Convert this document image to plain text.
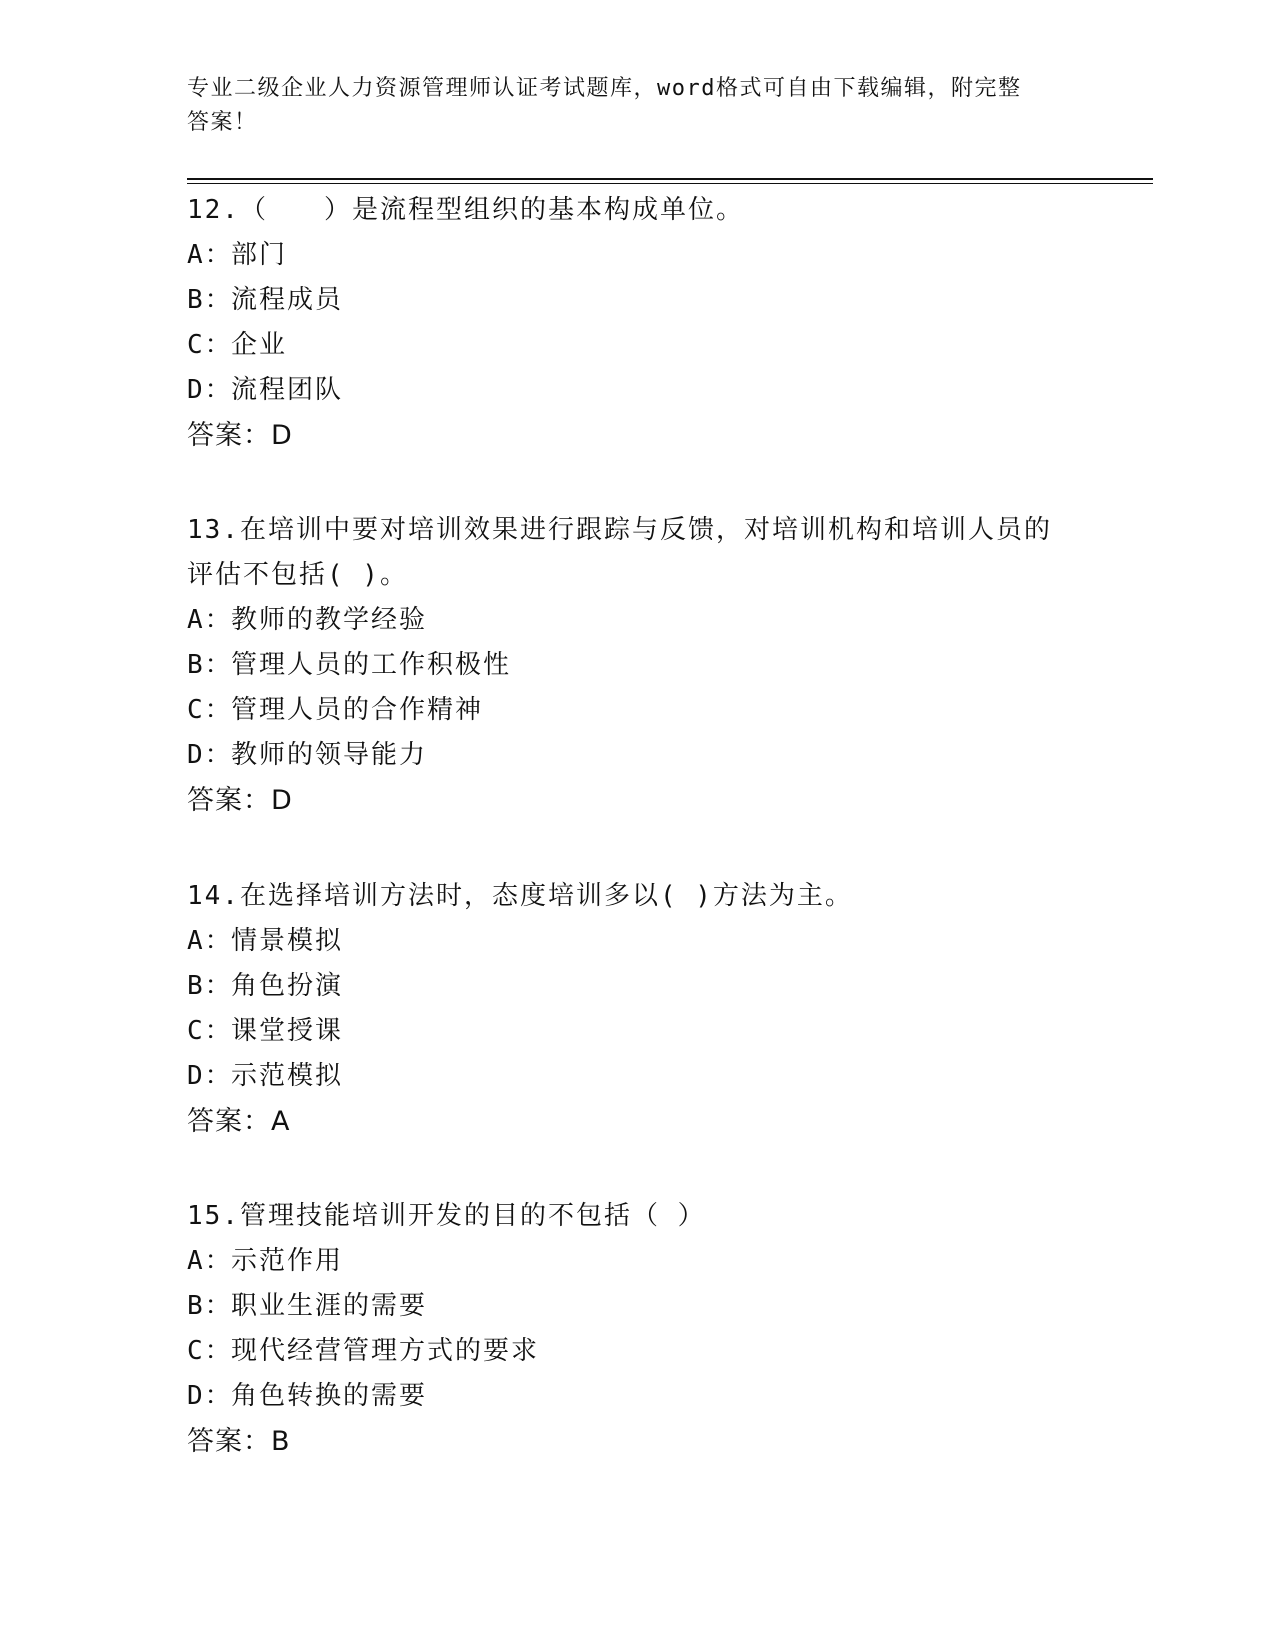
专业二级企业人力资源管理师认证考试题库，word格式可自由下载编辑，附完整
答案！

12.（　　）是流程型组织的基本构成单位。

A：部门

B：流程成员

C：企业

D：流程团队

答案：D

13.在培训中要对培训效果进行跟踪与反馈，对培训机构和培训人员的

评估不包括( )。

A：教师的教学经验

B：管理人员的工作积极性

C：管理人员的合作精神

D：教师的领导能力

答案：D

14.在选择培训方法时，态度培训多以( )方法为主。

A：情景模拟

B：角色扮演

C：课堂授课

D：示范模拟

答案：A

15.管理技能培训开发的目的不包括（ ）

A：示范作用

B：职业生涯的需要

C：现代经营管理方式的要求

D：角色转换的需要

答案：B
